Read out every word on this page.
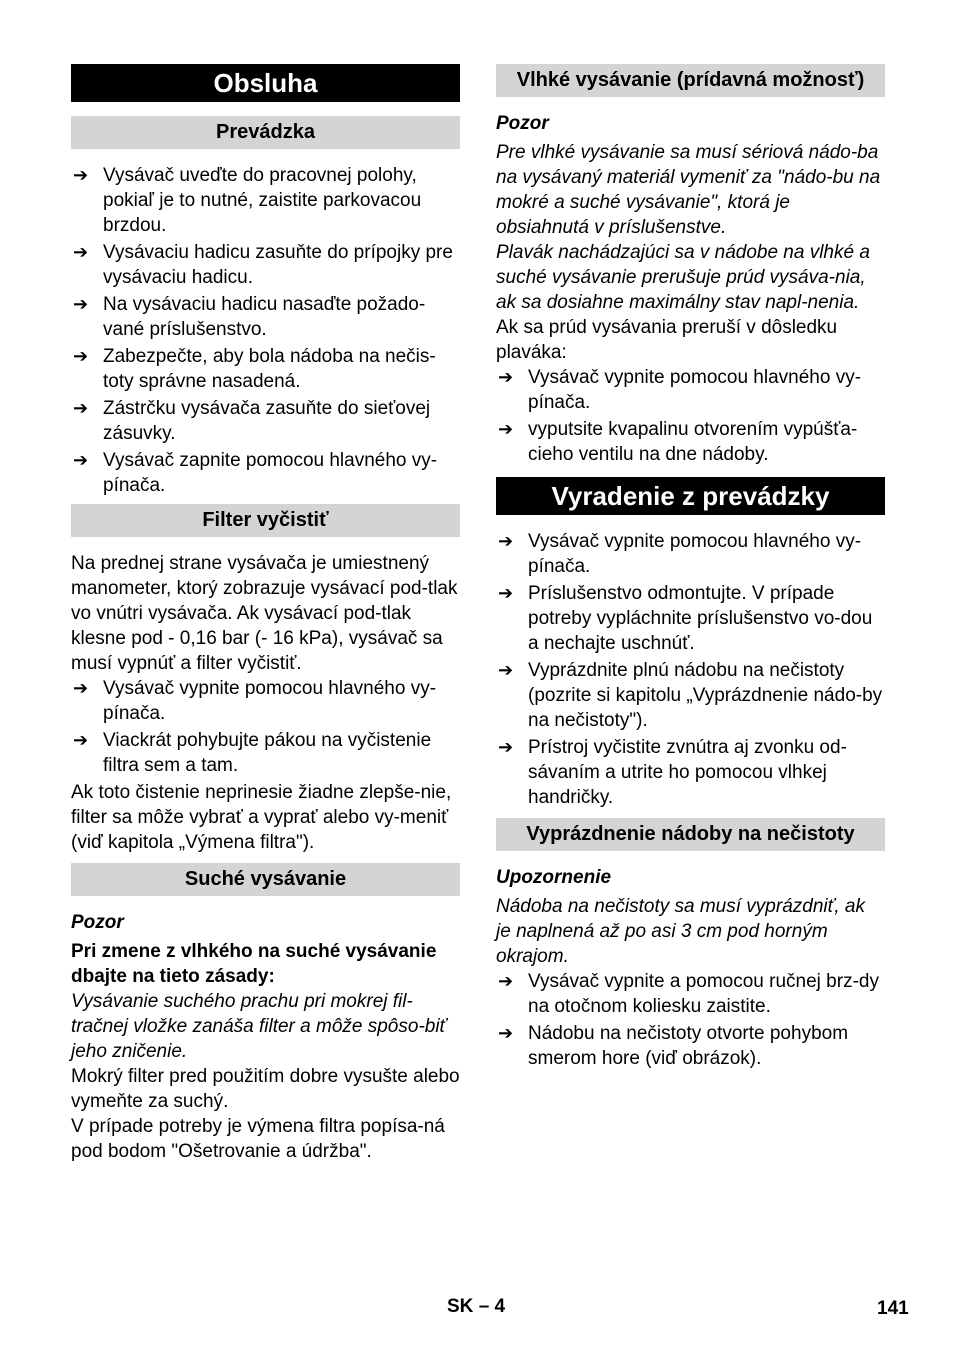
Obsluha
Prevádzka
➔ Vysávač uveďte do pracovnej polohy, pokiaľ je to nutné, zaistite parkovacou brzdou.
➔ Vysávaciu hadicu zasuňte do prípojky pre vysávaciu hadicu.
➔ Na vysávaciu hadicu nasaďte požado-vané príslušenstvo.
➔ Zabezpečte, aby bola nádoba na nečis-toty správne nasadená.
➔ Zástrčku vysávača zasuňte do sieťovej zásuvky.
➔ Vysávač zapnite pomocou hlavného vy-pínača.
Filter vyčistiť

Na prednej strane vysávača je umiestnený manometer, ktorý zobrazuje vysávací pod-tlak vo vnútri vysávača. Ak vysávací pod-tlak klesne pod - 0,16 bar (- 16 kPa), vysávač sa musí vypnúť a filter vyčistiť.

➔ Vysávač vypnite pomocou hlavného vy-pínača.
➔ Viackrát pohybujte pákou na vyčistenie filtra sem a tam.

Ak toto čistenie neprinesie žiadne zlepše-nie, filter sa môže vybrať a vyprať alebo vy-meniť (viď kapitola „Výmena filtra").

Suché vysávanie
Pozor

Pri zmene z vlhkého na suché vysávanie dbajte na tieto zásady:

Vysávanie suchého prachu pri mokrej fil-tračnej vložke zanáša filter a môže spôso-biť jeho zničenie.

Mokrý filter pred použitím dobre vysušte alebo vymeňte za suchý.

V prípade potreby je výmena filtra popísa-ná pod bodom "Ošetrovanie a údržba".

Vlhké vysávanie (prídavná možnosť)
Pozor

Pre vlhké vysávanie sa musí sériová nádo-ba na vysávaný materiál vymeniť za "nádo-bu na mokré a suché vysávanie", ktorá je obsiahnutá v príslušenstve.

Plavák nachádzajúci sa v nádobe na vlhké a suché vysávanie prerušuje prúd vysáva-nia, ak sa dosiahne maximálny stav napl-nenia.

Ak sa prúd vysávania preruší v dôsledku plaváka:

➔ Vysávač vypnite pomocou hlavného vy-pínača.
➔ vyputsite kvapalinu otvorením vypúšťa-cieho ventilu na dne nádoby.
Vyradenie z prevádzky
➔ Vysávač vypnite pomocou hlavného vy-pínača.
➔ Príslušenstvo odmontujte. V prípade potreby vypláchnite príslušenstvo vo-dou a nechajte uschnúť.
➔ Vyprázdnite plnú nádobu na nečistoty (pozrite si kapitolu „Vyprázdnenie nádo-by na nečistoty").
➔ Prístroj vyčistite zvnútra aj zvonku od-sávaním a utrite ho pomocou vlhkej handričky.
Vyprázdnenie nádoby na nečistoty
Upozornenie

Nádoba na nečistoty sa musí vyprázdniť, ak je naplnená až po asi 3 cm pod horným okrajom.

➔ Vysávač vypnite a pomocou ručnej brz-dy na otočnom koliesku zaistite.
➔ Nádobu na nečistoty otvorte pohybom smerom hore (viď obrázok).
SK – 4	141
